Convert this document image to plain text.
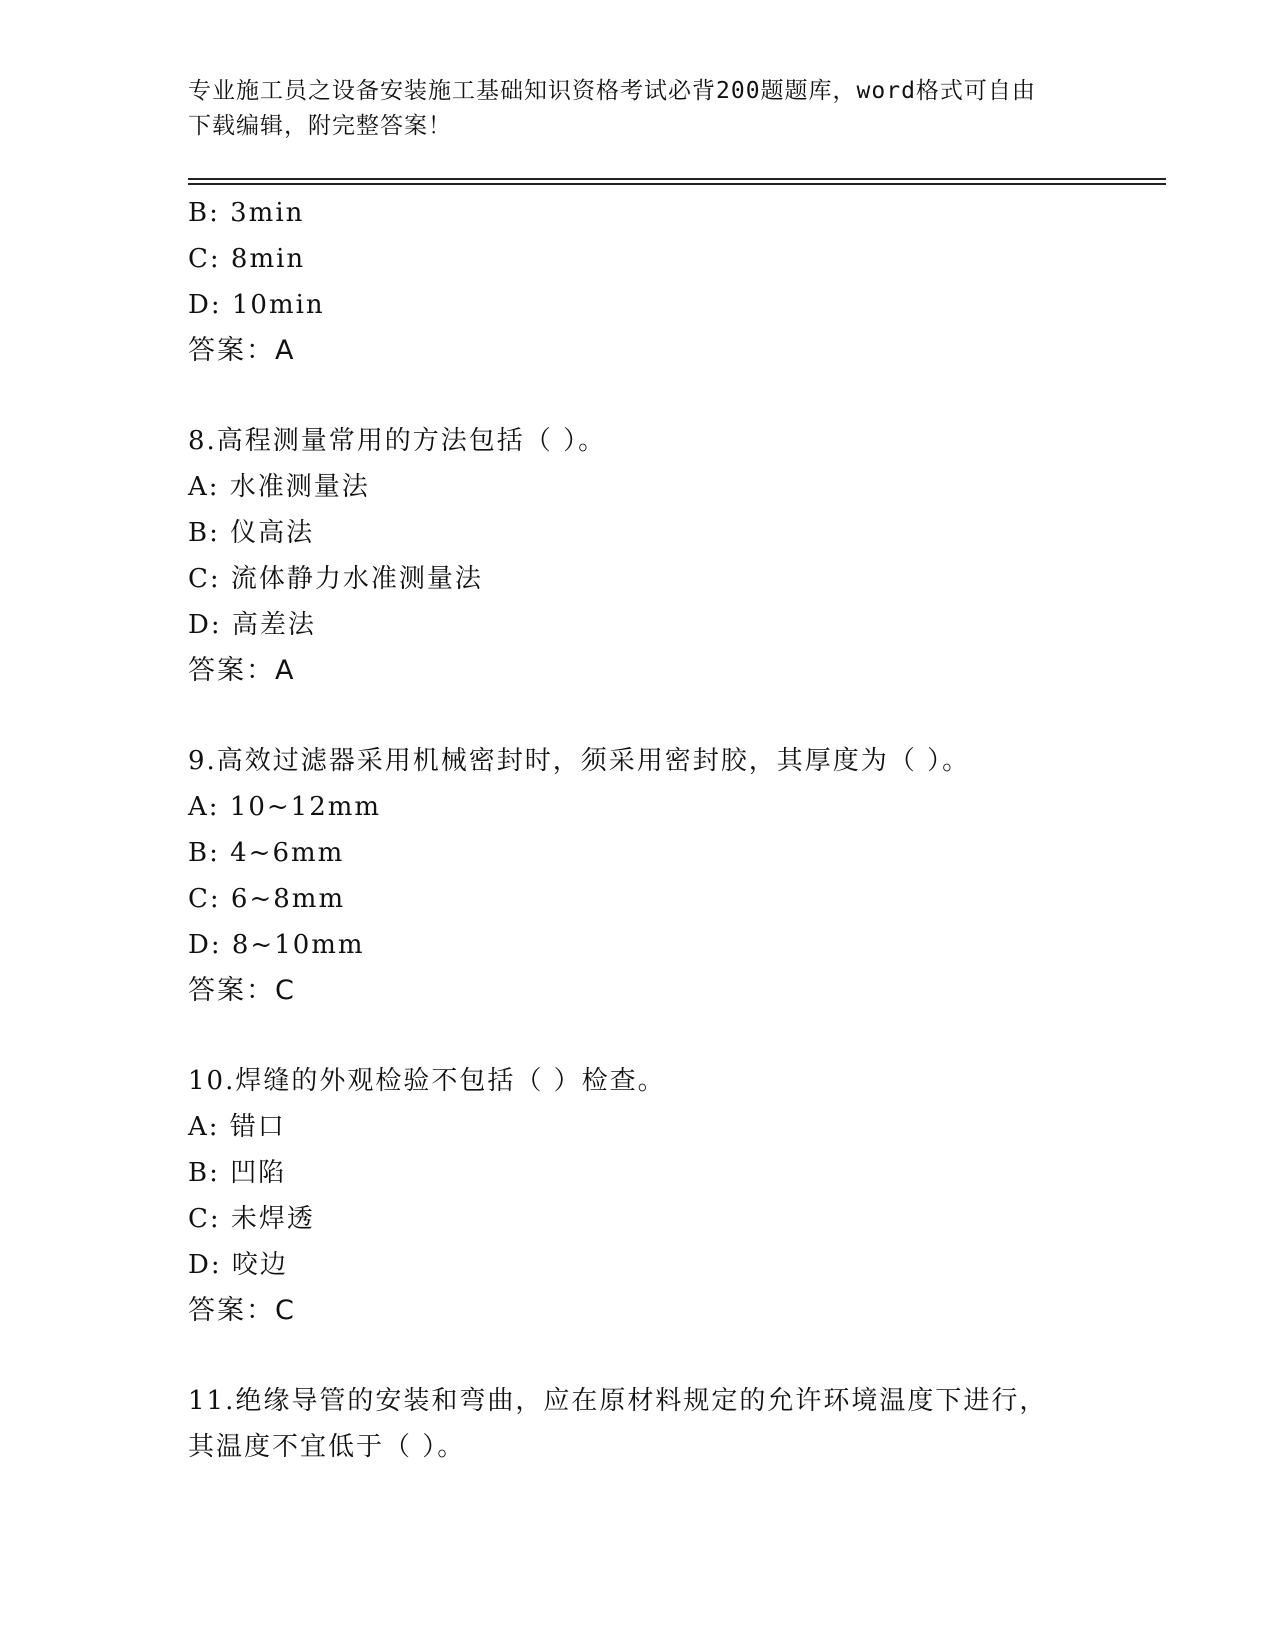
专业施工员之设备安装施工基础知识资格考试必背200题题库，word格式可自由
下载编辑，附完整答案！
B: 3min
C: 8min
D: 10min
答案：A
8.高程测量常用的方法包括（ ）。
A: 水准测量法
B: 仪高法
C: 流体静力水准测量法
D: 高差法
答案：A
9.高效过滤器采用机械密封时，须采用密封胶，其厚度为（ ）。
A: 10~12mm
B: 4~6mm
C: 6~8mm
D: 8~10mm
答案：C
10.焊缝的外观检验不包括（ ）检查。
A: 错口
B: 凹陷
C: 未焊透
D: 咬边
答案：C
11.绝缘导管的安装和弯曲，应在原材料规定的允许环境温度下进行，
其温度不宜低于（ ）。
